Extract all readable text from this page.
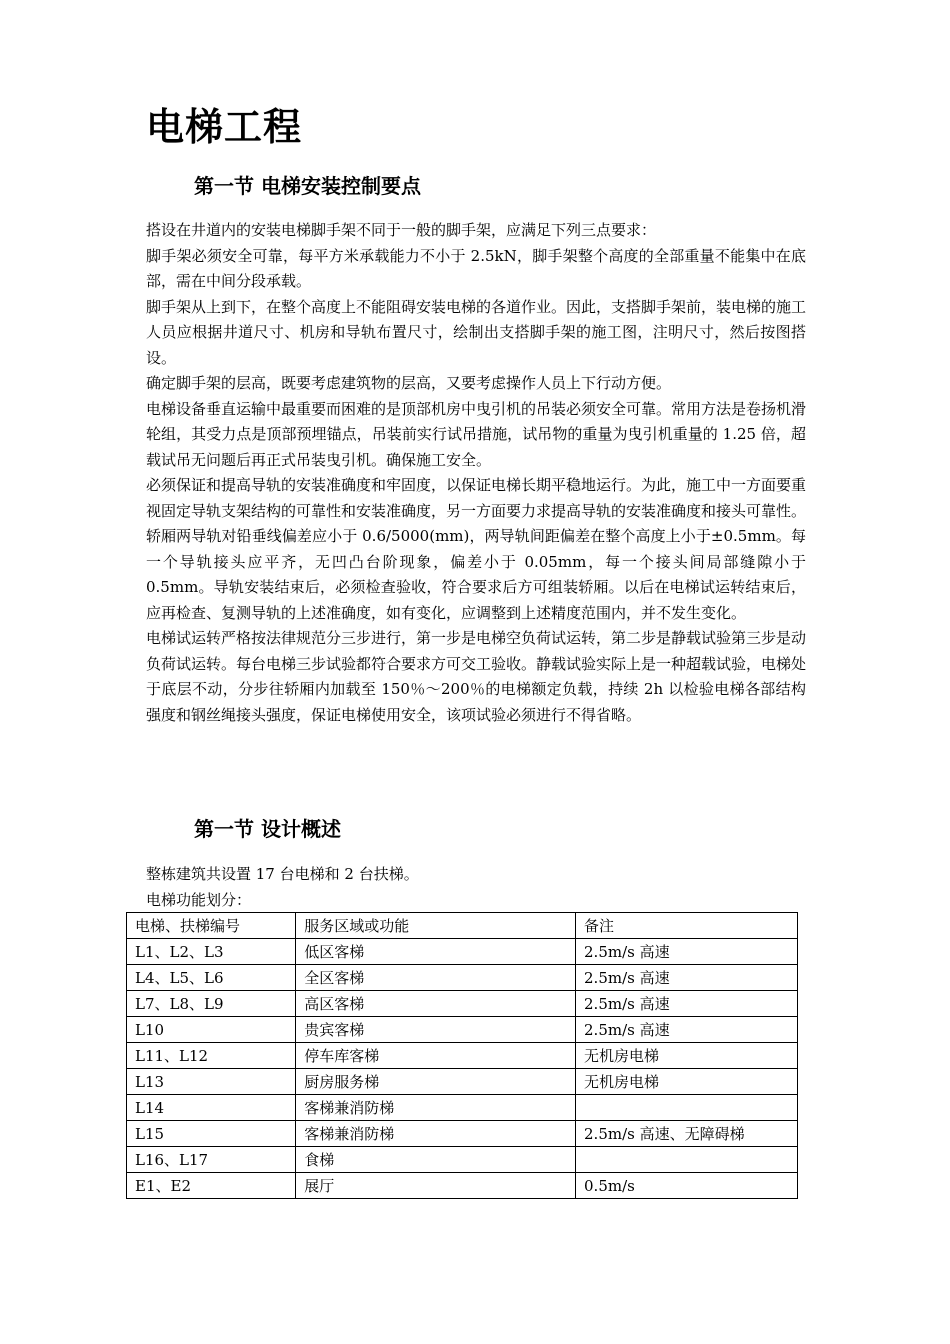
电梯工程
第一节 电梯安装控制要点

搭设在井道内的安装电梯脚手架不同于一般的脚手架，应满足下列三点要求：

脚手架必须安全可靠，每平方米承载能力不小于 2.5kN，脚手架整个高度的全部重量不能集中在底部，需在中间分段承载。

脚手架从上到下，在整个高度上不能阻碍安装电梯的各道作业。因此，支搭脚手架前，装电梯的施工人员应根据井道尺寸、机房和导轨布置尺寸，绘制出支搭脚手架的施工图，注明尺寸，然后按图搭设。

确定脚手架的层高，既要考虑建筑物的层高，又要考虑操作人员上下行动方便。

电梯设备垂直运输中最重要而困难的是顶部机房中曳引机的吊装必须安全可靠。常用方法是卷扬机滑轮组，其受力点是顶部预埋锚点，吊装前实行试吊措施，试吊物的重量为曳引机重量的 1.25 倍，超载试吊无问题后再正式吊装曳引机。确保施工安全。

必须保证和提高导轨的安装准确度和牢固度，以保证电梯长期平稳地运行。为此，施工中一方面要重视固定导轨支架结构的可靠性和安装准确度，另一方面要力求提高导轨的安装准确度和接头可靠性。轿厢两导轨对铅垂线偏差应小于 0.6/5000(mm)，两导轨间距偏差在整个高度上小于±0.5mm。每一个导轨接头应平齐，无凹凸台阶现象，偏差小于 0.05mm，每一个接头间局部缝隙小于 0.5mm。导轨安装结束后，必须检查验收，符合要求后方可组装轿厢。以后在电梯试运转结束后，应再检查、复测导轨的上述准确度，如有变化，应调整到上述精度范围内，并不发生变化。

电梯试运转严格按法律规范分三步进行，第一步是电梯空负荷试运转，第二步是静载试验第三步是动负荷试运转。每台电梯三步试验都符合要求方可交工验收。静载试验实际上是一种超载试验，电梯处于底层不动，分步往轿厢内加载至 150％～200％的电梯额定负载，持续 2h 以检验电梯各部结构强度和钢丝绳接头强度，保证电梯使用安全，该项试验必须进行不得省略。

第一节 设计概述

整栋建筑共设置 17 台电梯和 2 台扶梯。

电梯功能划分：

电梯、扶梯编号	服务区域或功能	备注
L1、L2、L3	低区客梯	2.5m/s 高速
L4、L5、L6	全区客梯	2.5m/s 高速
L7、L8、L9	高区客梯	2.5m/s 高速
L10	贵宾客梯	2.5m/s 高速
L11、L12	停车库客梯	无机房电梯
L13	厨房服务梯	无机房电梯
L14	客梯兼消防梯	
L15	客梯兼消防梯	2.5m/s 高速、无障碍梯
L16、L17	食梯	
E1、E2	展厅	0.5m/s
